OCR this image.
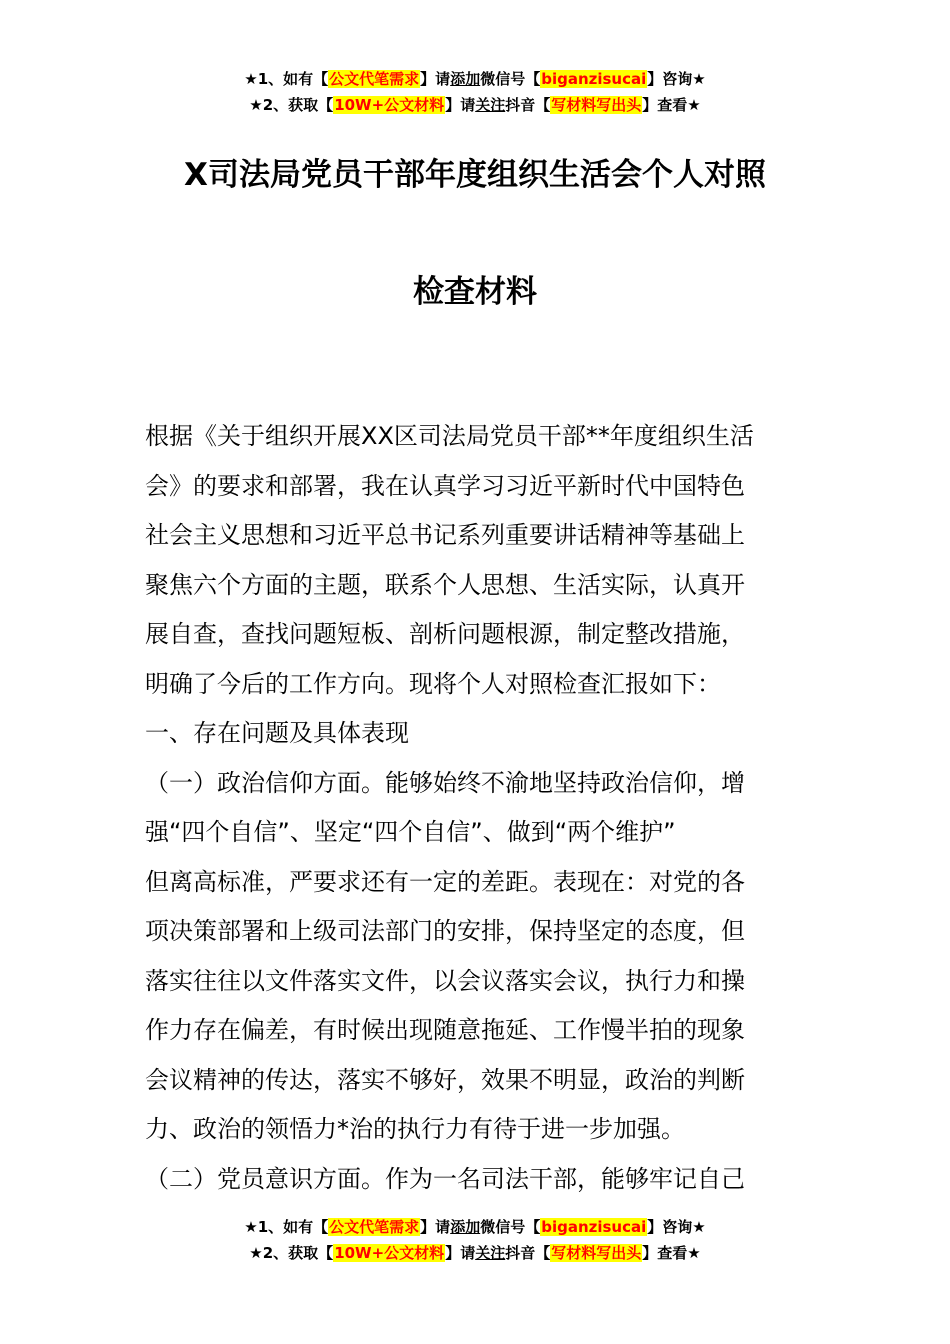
★1、如有【公文代笔需求】请添加微信号【biganzisucai】咨询★
★2、获取【10W+公文材料】请关注抖音【写材料写出头】查看★
X司法局党员干部年度组织生活会个人对照
检查材料
根据《关于组织开展XX区司法局党员干部**年度组织生活
会》的要求和部署，我在认真学习习近平新时代中国特色
社会主义思想和习近平总书记系列重要讲话精神等基础上
聚焦六个方面的主题，联系个人思想、生活实际，认真开
展自查，查找问题短板、剖析问题根源，制定整改措施，
明确了今后的工作方向。现将个人对照检查汇报如下：
一、存在问题及具体表现
（一）政治信仰方面。能够始终不渝地坚持政治信仰，增
强“四个自信”、坚定“四个自信”、做到“两个维护”
但离高标准，严要求还有一定的差距。表现在：对党的各
项决策部署和上级司法部门的安排，保持坚定的态度，但
落实往往以文件落实文件，以会议落实会议，执行力和操
作力存在偏差，有时候出现随意拖延、工作慢半拍的现象
会议精神的传达，落实不够好，效果不明显，政治的判断
力、政治的领悟力*治的执行力有待于进一步加强。
（二）党员意识方面。作为一名司法干部，能够牢记自己
★1、如有【公文代笔需求】请添加微信号【biganzisucai】咨询★
★2、获取【10W+公文材料】请关注抖音【写材料写出头】查看★
